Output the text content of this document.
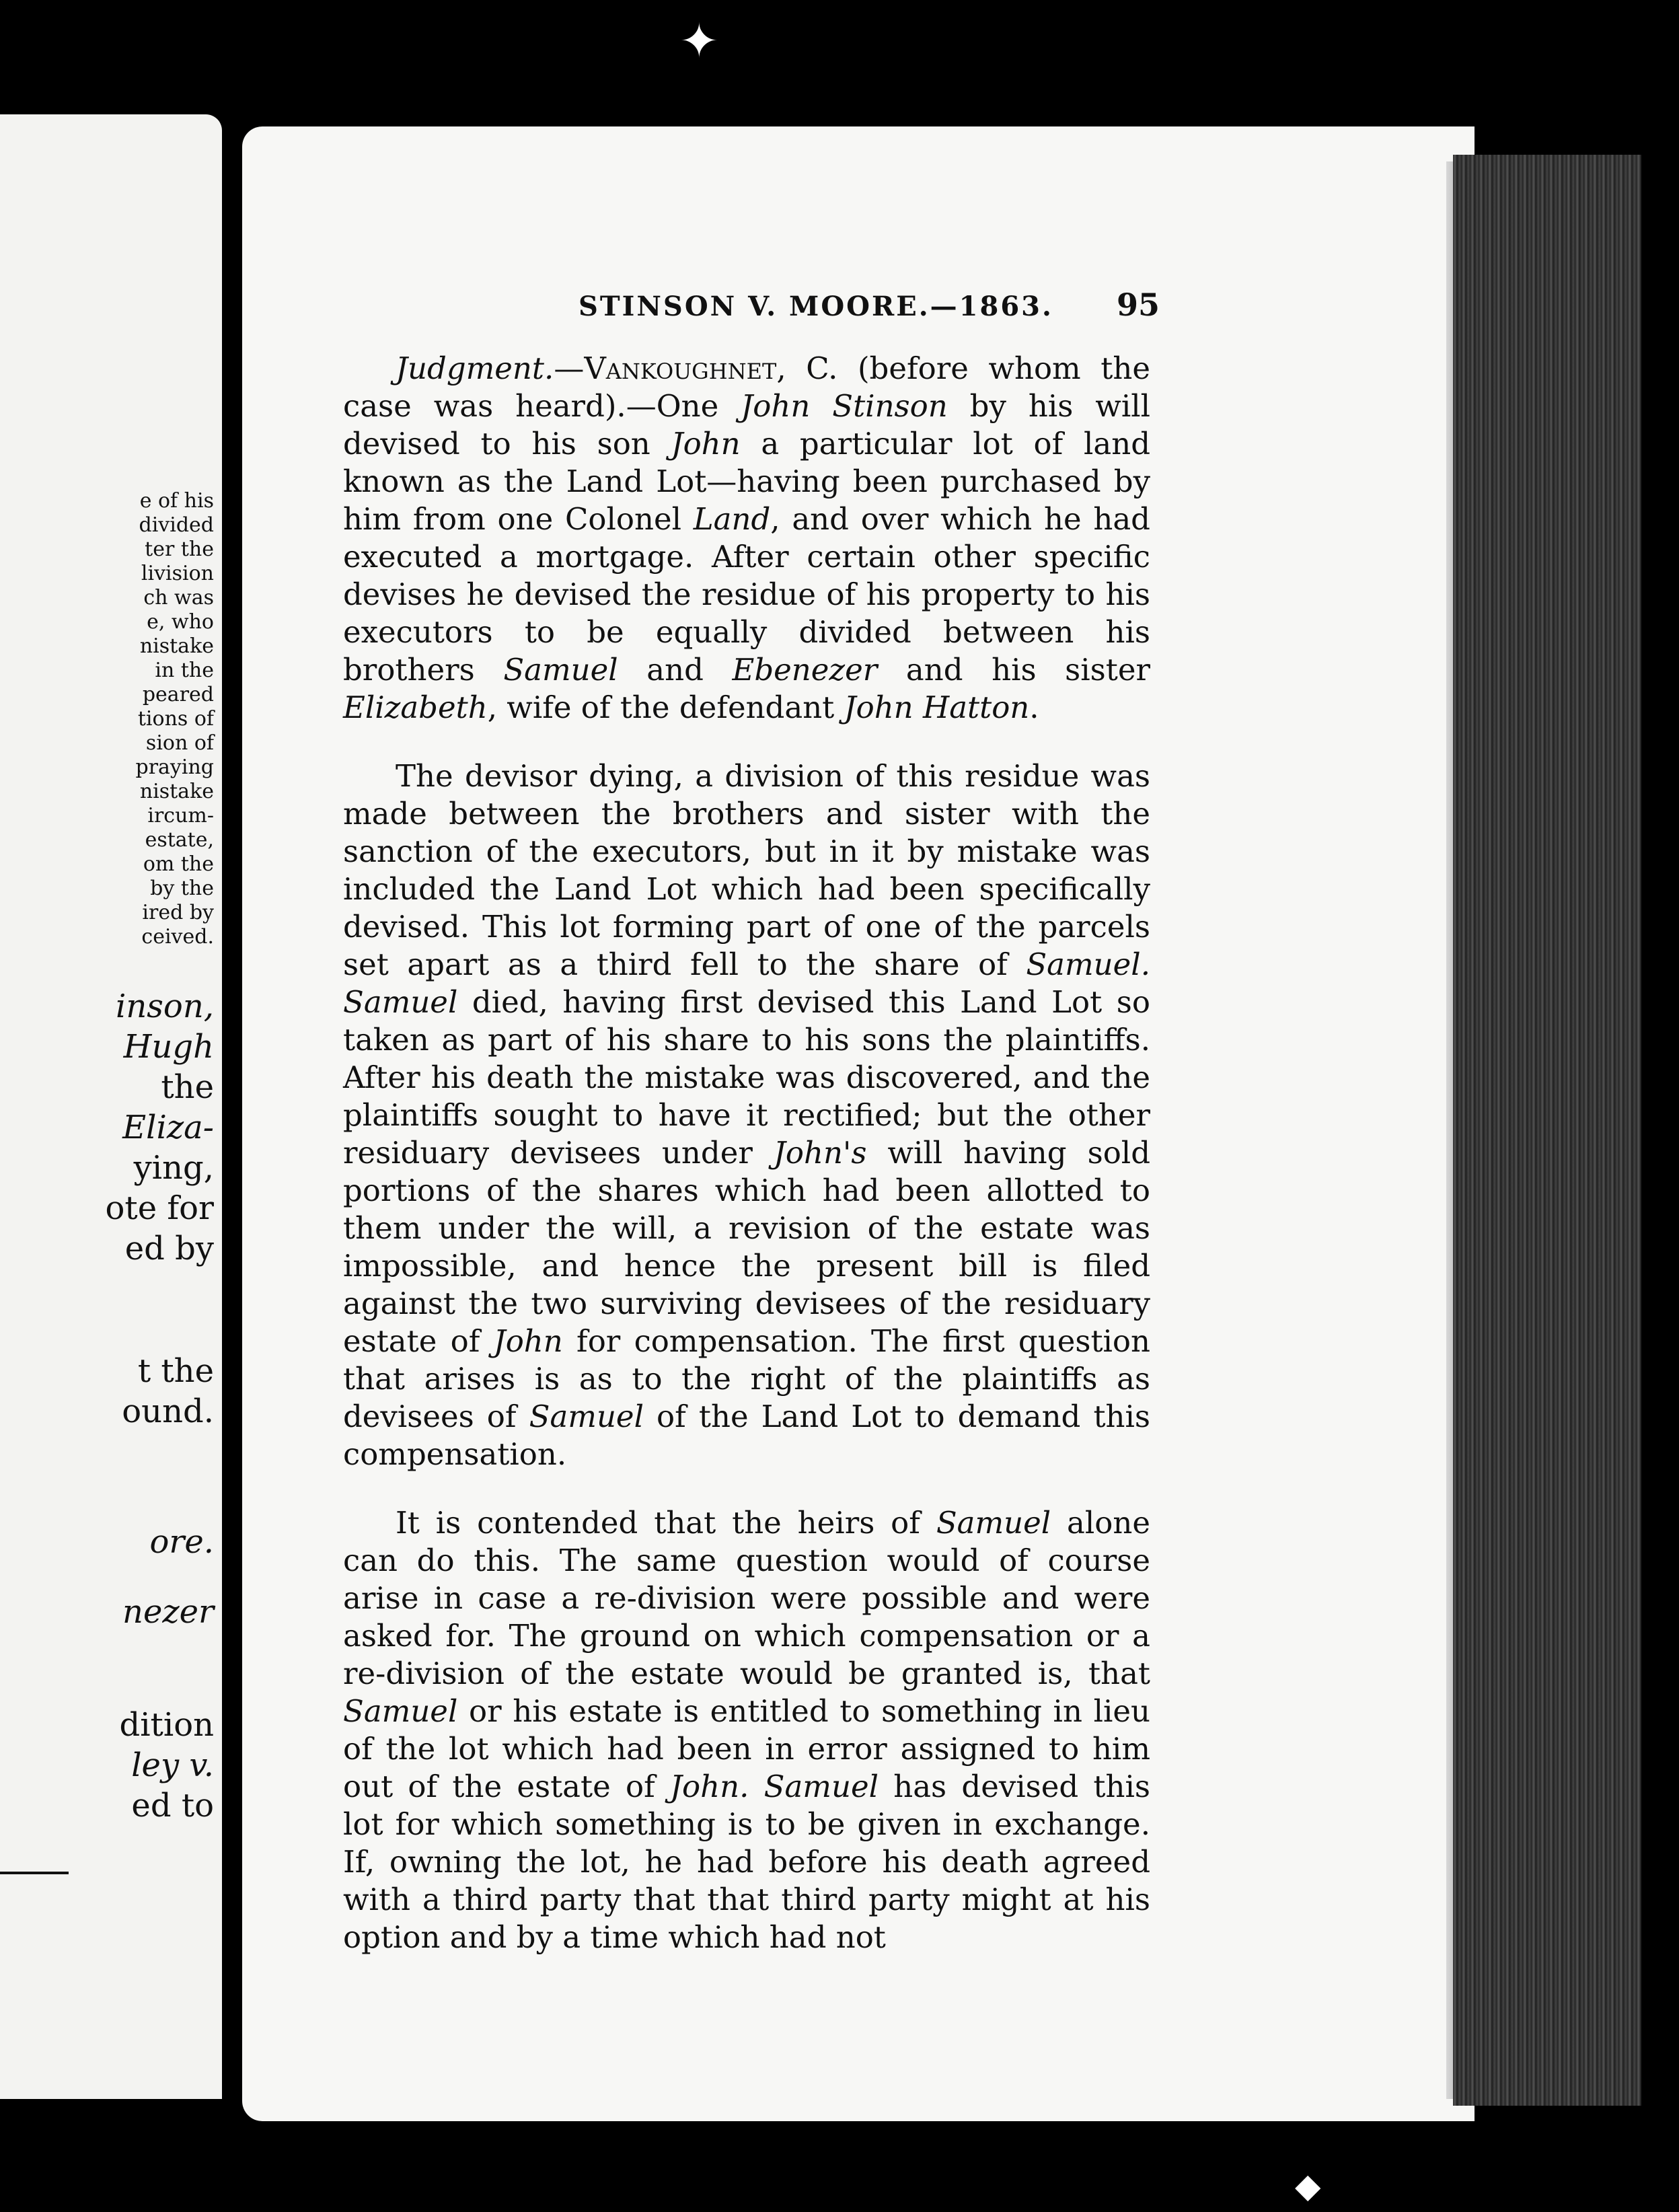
e of his
divided
ter the
livision
ch was
e, who
nistake
in the
peared
tions of
sion of
praying
nistake
ircum-
estate,
om the
by the
ired by
ceived.
inson,
Hugh
the
Eliza-
ying,
ote for
ed by
t the
ound.
ore.
nezer
dition
ley v.
ed to
✦
◆
STINSON V. MOORE.—1863. 95

Judgment.—Vankoughnet, C. (before whom the case was heard).—One John Stinson by his will devised to his son John a particular lot of land known as the Land Lot—having been purchased by him from one Colonel Land, and over which he had executed a mortgage. After certain other specific devises he devised the residue of his property to his executors to be equally divided between his brothers Samuel and Ebenezer and his sister Elizabeth, wife of the defendant John Hatton.

The devisor dying, a division of this residue was made between the brothers and sister with the sanction of the executors, but in it by mistake was included the Land Lot which had been specifically devised. This lot forming part of one of the parcels set apart as a third fell to the share of Samuel. Samuel died, having first devised this Land Lot so taken as part of his share to his sons the plaintiffs. After his death the mistake was discovered, and the plaintiffs sought to have it rectified; but the other residuary devisees under John's will having sold portions of the shares which had been allotted to them under the will, a revision of the estate was impossible, and hence the present bill is filed against the two surviving devisees of the residuary estate of John for compensation. The first question that arises is as to the right of the plaintiffs as devisees of Samuel of the Land Lot to demand this compensation.

It is contended that the heirs of Samuel alone can do this. The same question would of course arise in case a re-division were possible and were asked for. The ground on which compensation or a re-division of the estate would be granted is, that Samuel or his estate is entitled to something in lieu of the lot which had been in error assigned to him out of the estate of John. Samuel has devised this lot for which something is to be given in exchange. If, owning the lot, he had before his death agreed with a third party that that third party might at his option and by a time which had not
